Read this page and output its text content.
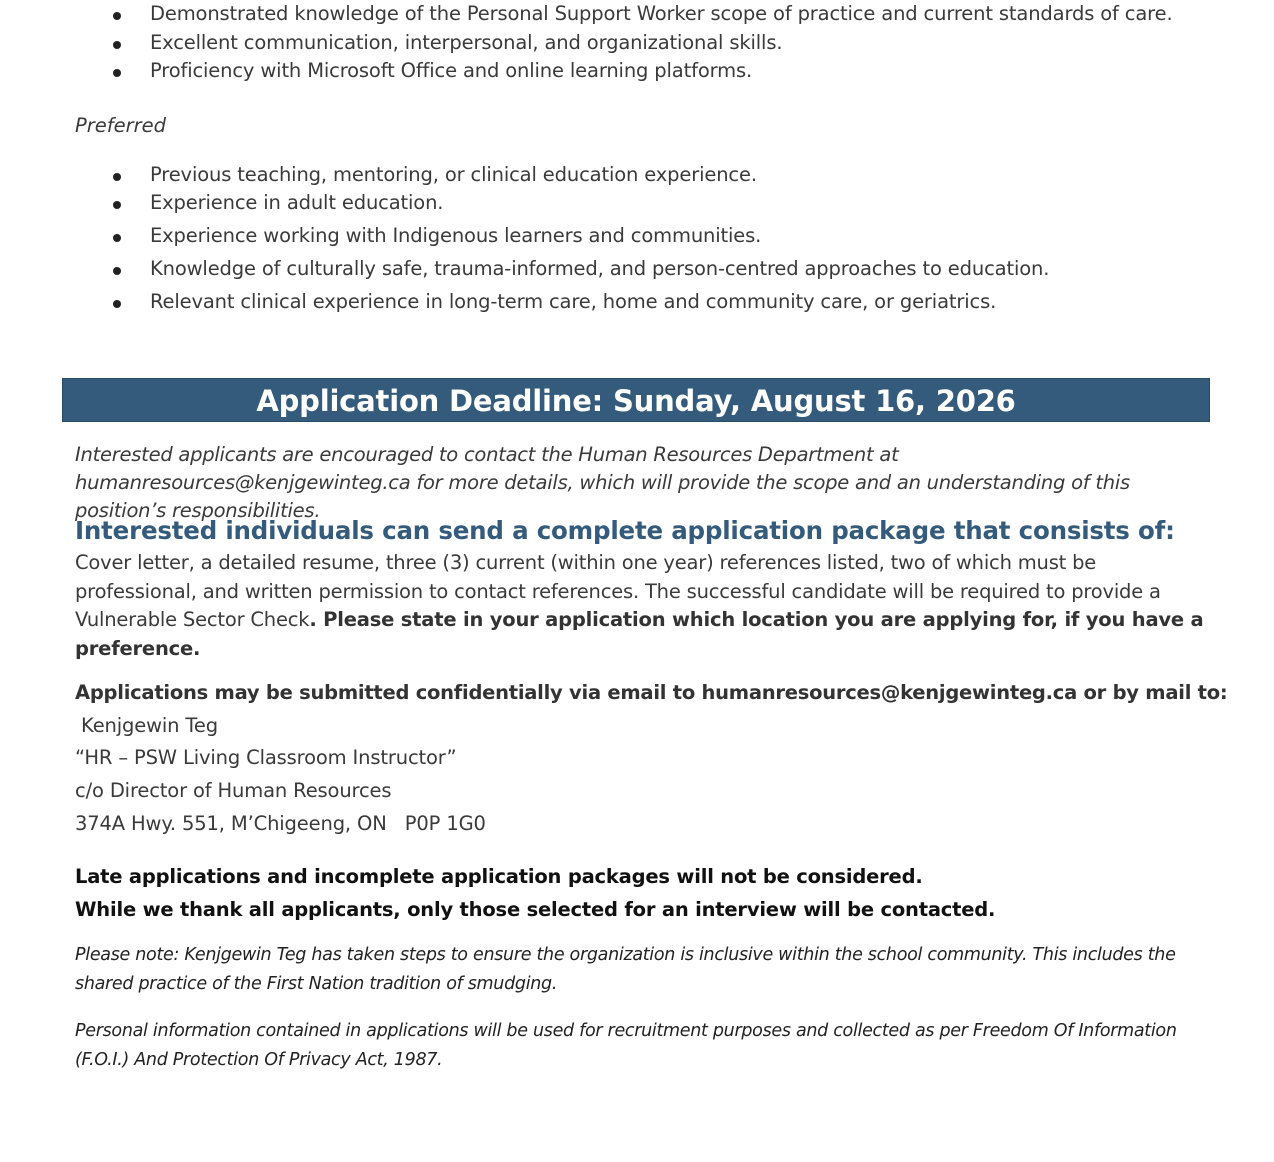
Demonstrated knowledge of the Personal Support Worker scope of practice and current standards of care.
Excellent communication, interpersonal, and organizational skills.
Proficiency with Microsoft Office and online learning platforms.
Preferred
Previous teaching, mentoring, or clinical education experience.
Experience in adult education.
Experience working with Indigenous learners and communities.
Knowledge of culturally safe, trauma-informed, and person-centred approaches to education.
Relevant clinical experience in long-term care, home and community care, or geriatrics.
Application Deadline: Sunday, August 16, 2026

Interested applicants are encouraged to contact the Human Resources Department at humanresources@kenjgewinteg.ca for more details, which will provide the scope and an understanding of this position’s responsibilities.

Interested individuals can send a complete application package that consists of:

Cover letter, a detailed resume, three (3) current (within one year) references listed, two of which must be professional, and written permission to contact references. The successful candidate will be required to provide a Vulnerable Sector Check. Please state in your application which location you are applying for, if you have a preference.

Applications may be submitted confidentially via email to humanresources@kenjgewinteg.ca or by mail to:
Kenjgewin Teg
“HR – PSW Living Classroom Instructor”
c/o Director of Human Resources
374A Hwy. 551, M’Chigeeng, ON   P0P 1G0
Late applications and incomplete application packages will not be considered.
While we thank all applicants, only those selected for an interview will be contacted.

Please note: Kenjgewin Teg has taken steps to ensure the organization is inclusive within the school community. This includes the shared practice of the First Nation tradition of smudging.

Personal information contained in applications will be used for recruitment purposes and collected as per Freedom Of Information (F.O.I.) And Protection Of Privacy Act, 1987.
